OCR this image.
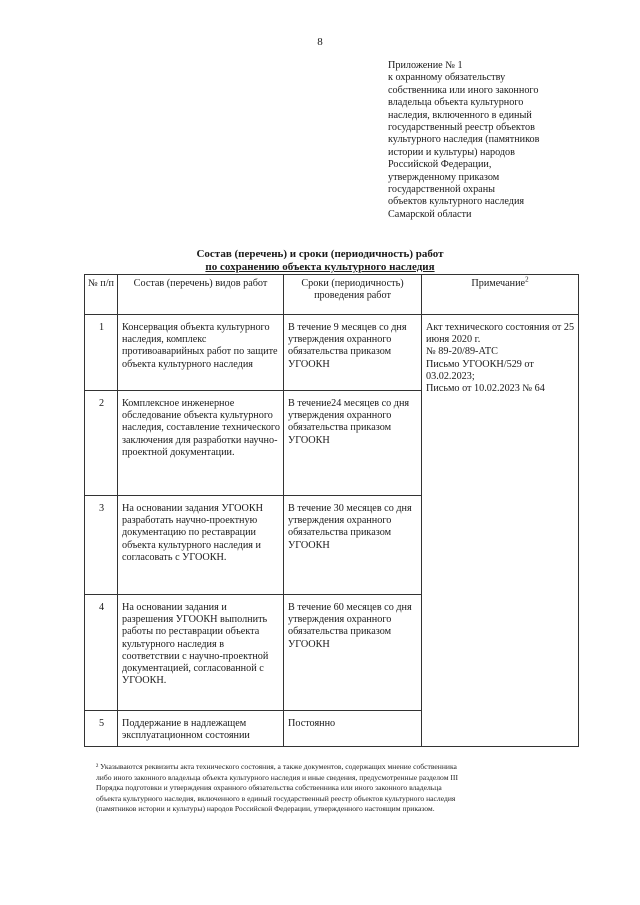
8
Приложение № 1
к охранному обязательству
собственника или иного законного
владельца объекта культурного
наследия, включенного в единый
государственный реестр объектов
культурного наследия (памятников
истории и культуры) народов
Российской Федерации,
утвержденному приказом
государственной охраны
объектов культурного наследия
Самарской области
Состав (перечень) и сроки (периодичность) работ
по сохранению объекта культурного наследия
№ п/п	Состав (перечень) видов работ	Сроки (периодичность) проведения работ	Примечание$^2$
1	Консервация объекта культурного наследия, комплекс противоаварийных работ по защите объекта культурного наследия	В течение 9 месяцев со дня утверждения охранного обязательства приказом УГООКН	Акт технического состояния от 25 июня 2020 г.
№ 89-20/89-АТС
Письмо УГООКН/529 от 03.02.2023;
Письмо от 10.02.2023 № 64

2	Комплексное инженерное обследование объекта культурного наследия, составление технического заключения для разработки научно-проектной документации.	В течение24 месяцев со дня утверждения охранного обязательства приказом УГООКН	
3	На основании задания УГООКН разработать научно-проектную документацию по реставрации объекта культурного наследия и согласовать с УГООКН.	В течение 30 месяцев со дня утверждения охранного обязательства приказом УГООКН	
4	На основании задания и разрешения УГООКН выполнить работы по реставрации объекта культурного наследия в соответствии с научно-проектной документацией, согласованной с УГООКН.	В течение 60 месяцев со дня утверждения охранного обязательства приказом УГООКН	
5	Поддержание в надлежащем эксплуатационном состоянии	Постоянно	
² Указываются реквизиты акта технического состояния, а также документов, содержащих мнение собственника
либо иного законного владельца объекта культурного наследия и иные сведения, предусмотренные разделом III
Порядка подготовки и утверждения охранного обязательства собственника или иного законного владельца
объекта культурного наследия, включенного в единый государственный реестр объектов культурного наследия
(памятников истории и культуры) народов Российской Федерации, утвержденного настоящим приказом.
